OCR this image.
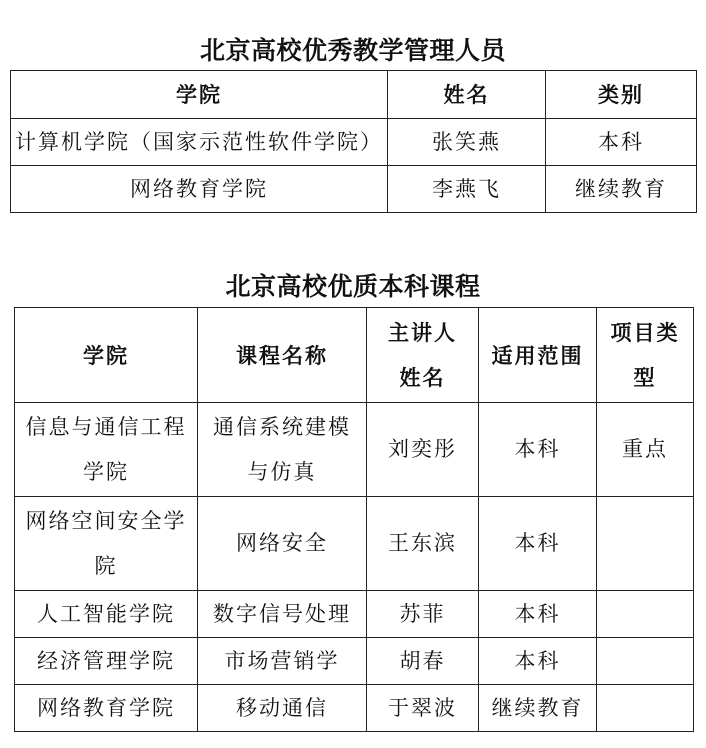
北京高校优秀教学管理人员
学院	姓名	类别
计算机学院（国家示范性软件学院）	张笑燕	本科
网络教育学院	李燕飞	继续教育
北京高校优质本科课程
学院	课程名称	主讲人姓名	适用范围	项目类型

信息与通信工程学院	通信系统建模与仿真	刘奕彤	本科	重点

网络空间安全学院	网络安全	王东滨	本科	
人工智能学院	数字信号处理	苏菲	本科	
经济管理学院	市场营销学	胡春	本科	
网络教育学院	移动通信	于翠波	继续教育	
